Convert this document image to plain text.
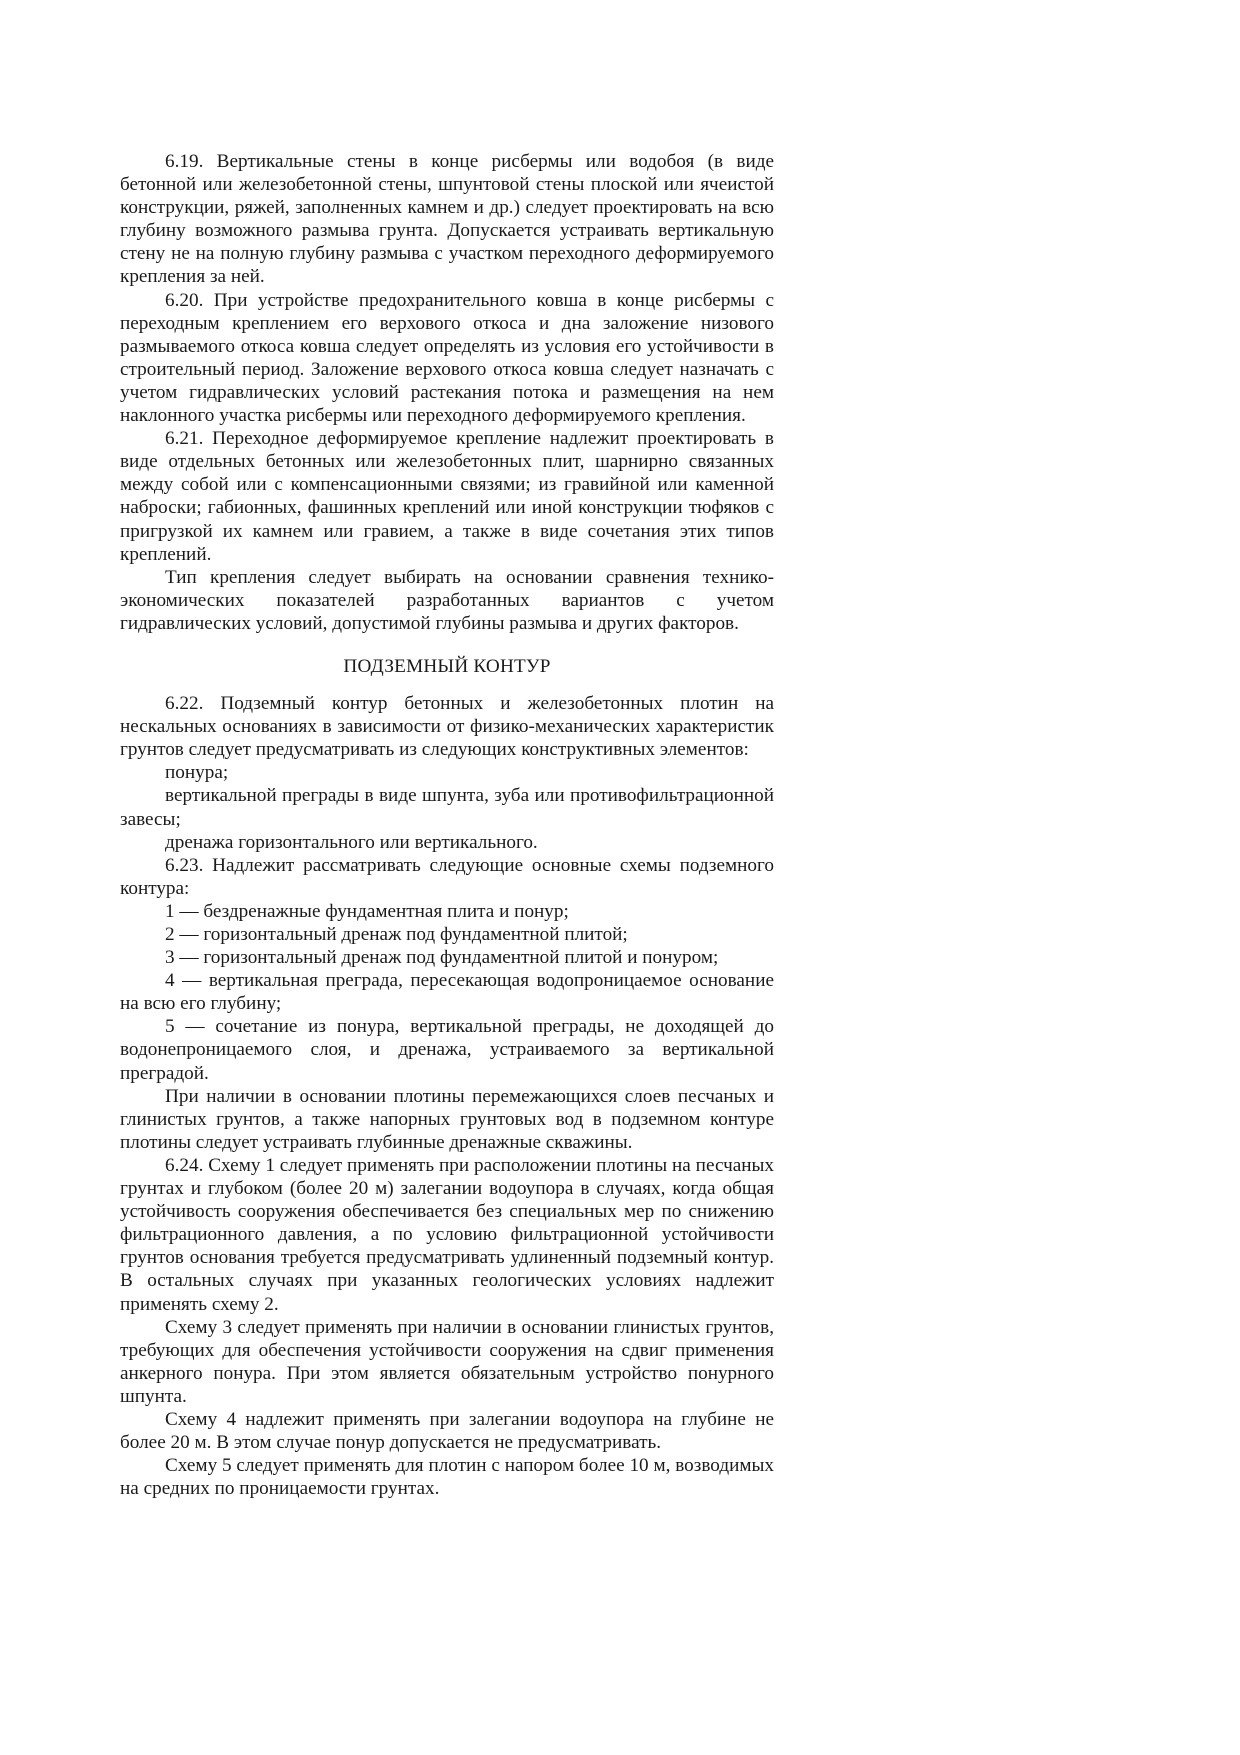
6.19. Вертикальные стены в конце рисбермы или водобоя (в виде бетонной или железобетонной стены, шпунтовой стены плоской или ячеистой конструкции, ряжей, заполненных камнем и др.) следует проектировать на всю глубину возможного размыва грунта. Допускается устраивать вертикальную стену не на полную глубину размыва с участком переходного деформируемого крепления за ней.

6.20. При устройстве предохранительного ковша в конце рисбермы с переходным креплением его верхового откоса и дна заложение низового размываемого откоса ковша следует определять из условия его устойчивости в строительный период. Заложение верхового откоса ковша следует назначать с учетом гидравлических условий растекания потока и размещения на нем наклонного участка рисбермы или переходного деформируемого крепления.

6.21. Переходное деформируемое крепление надлежит проектировать в виде отдельных бетонных или железобетонных плит, шарнирно связанных между собой или с компенсационными связями; из гравийной или каменной наброски; габионных, фашинных креплений или иной конструкции тюфяков с пригрузкой их камнем или гравием, а также в виде сочетания этих типов креплений.

Тип крепления следует выбирать на основании сравнения технико-экономических показателей разработанных вариантов с учетом гидравлических условий, допустимой глубины размыва и других факторов.

ПОДЗЕМНЫЙ КОНТУР

6.22. Подземный контур бетонных и железобетонных плотин на нескальных основаниях в зависимости от физико-механических характеристик грунтов следует предусматривать из следующих конструктивных элементов:

понура;

вертикальной преграды в виде шпунта, зуба или противофильтрационной завесы;

дренажа горизонтального или вертикального.

6.23. Надлежит рассматривать следующие основные схемы подземного контура:

1 — бездренажные фундаментная плита и понур;

2 — горизонтальный дренаж под фундаментной плитой;

3 — горизонтальный дренаж под фундаментной плитой и понуром;

4 — вертикальная преграда, пересекающая водопроницаемое основание на всю его глубину;

5 — сочетание из понура, вертикальной преграды, не доходящей до водонепроницаемого слоя, и дренажа, устраиваемого за вертикальной преградой.

При наличии в основании плотины перемежающихся слоев песчаных и глинистых грунтов, а также напорных грунтовых вод в подземном контуре плотины следует устраивать глубинные дренажные скважины.

6.24. Схему 1 следует применять при расположении плотины на песчаных грунтах и глубоком (более 20 м) залегании водоупора в случаях, когда общая устойчивость сооружения обеспечивается без специальных мер по снижению фильтрационного давления, а по условию фильтрационной устойчивости грунтов основания требуется предусматривать удлиненный подземный контур. В остальных случаях при указанных геологических условиях надлежит применять схему 2.

Схему 3 следует применять при наличии в основании глинистых грунтов, требующих для обеспечения устойчивости сооружения на сдвиг применения анкерного понура. При этом является обязательным устройство понурного шпунта.

Схему 4 надлежит применять при залегании водоупора на глубине не более 20 м. В этом случае понур допускается не предусматривать.

Схему 5 следует применять для плотин с напором более 10 м, возводимых на средних по проницаемости грунтах.
